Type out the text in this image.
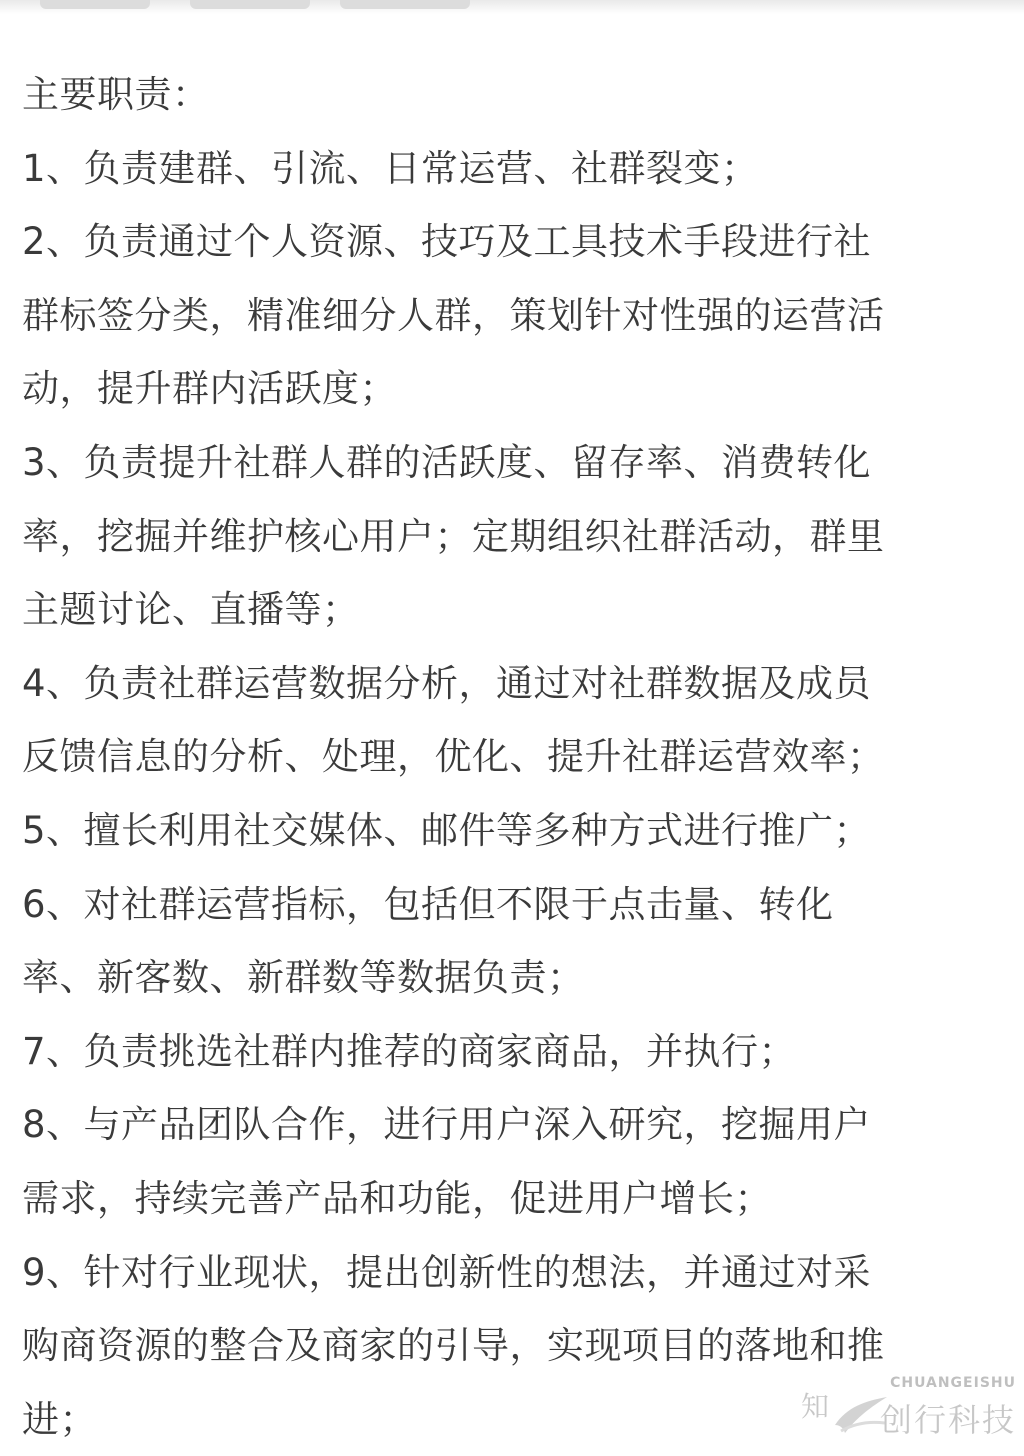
主要职责：
1、负责建群、引流、日常运营、社群裂变；
2、负责通过个人资源、技巧及工具技术手段进行社
群标签分类，精准细分人群，策划针对性强的运营活
动，提升群内活跃度；
3、负责提升社群人群的活跃度、留存率、消费转化
率，挖掘并维护核心用户；定期组织社群活动，群里
主题讨论、直播等；
4、负责社群运营数据分析，通过对社群数据及成员
反馈信息的分析、处理，优化、提升社群运营效率；
5、擅长利用社交媒体、邮件等多种方式进行推广；
6、对社群运营指标，包括但不限于点击量、转化
率、新客数、新群数等数据负责；
7、负责挑选社群内推荐的商家商品，并执行；
8、与产品团队合作，进行用户深入研究，挖掘用户
需求，持续完善产品和功能，促进用户增长；
9、针对行业现状，提出创新性的想法，并通过对采
购商资源的整合及商家的引导，实现项目的落地和推
进；	知
CHUANGEISHU
创行科技
